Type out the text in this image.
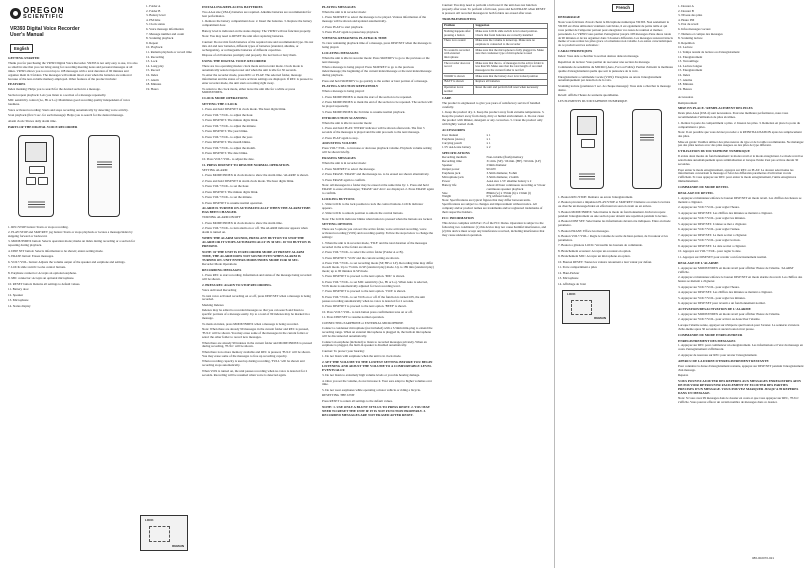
OREGON
SCIENTIFIC
VR393 Digital Voice Recorder
User's Manual
English
GETTING STARTED

Thank you for purchasing the VR393 Digital Voice Recorder. VR393 is not only easy to use, it is also so small in size that you can bring along for recording meeting notes and personal messages at all times. VR393 allows you to record up to 108 messages with a total duration of 90 minutes and organize them in 3 folders. The messages will remain intact even when the batteries are removed because of the non-volatile memory employed. Other features of the product include:

FEATURES

Index marking: Helps you to search for the desired section in a message.

Section repeat playback: Lets you listen to a section of a message repeatedly.

MIC sensitivity control (Lo, Hi or Lo): Maximizes good recording quality independent of voice loudness.

Voice activated recording: Starts and stops recording automatically by detecting voice activity.

Scan playback (first 5 sec. for each message): Helps you to search for the desired message.

Alarm clock: Shows daily alarm time.

PARTS OF THE DIGITAL VOICE RECORDER

1. REC/STOP button: Starts or stops recording.

2. PLAY/STOP and SKIP/REV jog button: Starts or stops playback or locates a message/index by skipping forward or backward.

3. MODE/INDEX button: Selects operation mode; marks an index during recording or a section for repeating during playback.

4. DISP SET button: Selects information to be shown; enters setting mode.

5. ERASE button: Erases messages.

6. VOL+/VOL- button: Adjusts the volume output of the speaker and earphone and settings.

7. LOCK slide switch: Locks control buttons.

8. Earphone connector: Accepts an optional earphone.

9. MIC connector: Accepts an optional microphone.

10. RESET button: Returns all settings to default values.

11. Battery door

12. Speaker

13. Microphone

14. Status display

1. Folder A
2. Folder B
3. Battery level
4. PM time
5. Clock status
6. Voice message information
7. Message number and count
8. Scanning playback
9. Repeat
10. Playback
11. Remain playback or record time
12. Recording
13. Lock
14. Long play
15. Record
16. Index
17. Alarm
18. Minutes
19. Hours
LOCK
REMAIN
INSTALLING/REPLACING BATTERIES

Two AAA size (UM-4) batteries are required. Alkaline batteries are recommended for best performance.

1. Remove the battery compartment door. 2. Insert the batteries. 3. Replace the battery compartment door.

Battery level is indicated on the status display. The VR393 will not function properly.

Note: You may need to RESET the unit after replacing batteries.

Caution: Do not mix fresh batteries of the required size and recommended type. Do not mix old and new batteries, different types of batteries (standard, alkaline, or rechargeable), or rechargeable batteries of different capacities.

Dispose of old batteries promptly and properly. Do not burn or bury them.

USING THE DIGITAL VOICE RECORDER

There are two operating modes: clock mode and recorder mode. Clock mode is automatically selected upon reset and when the unit is idle for 30 seconds.

To enter the recorder mode, press REC or PLAY. The selected folder, message information and the status of voice activate settings are displayed. If REC is pressed to enter recorder mode, the unit starts recording right away.

To return to the clock mode, either leave the unit idle for a while or press MODE/INDEX.

CLOCK MODE OPERATIONS
SETTING THE CLOCK

1. Press and hold DISP/SET in clock mode. The hour digits blink.

2. Press VOL+/VOL- to adjust the hour.

3. Press DISP/SET. The minute digits blink.

4. Press VOL+/VOL- to adjust the minute.

5. Press DISP/SET. The year blinks.

6. Press VOL+/VOL- to adjust the year.

7. Press DISP/SET. The month blinks.

8. Press VOL+/VOL- to adjust the month.

9. Press DISP/SET. The date blinks.

10. Press VOL+/VOL- to adjust the date.

11. PRESS DISP/SET TO RESUME NORMAL OPERATION.

SETTING ALARM

1. Press MODE/INDEX in clock mode to show the alarm time. 'ALARM' is shown.

2. Press and hold DISP/SET in alarm clock mode. The hour digits blink.

3. Press VOL+/VOL- to set the hour.

4. Press DISP/SET. The minute digits blink.

5. Press VOL+/VOL- to set the minute.

6. Press DISP/SET to resume normal operation.

ALARM IS TURNED ON AUTOMATICALLY WHEN THE ALARM TIME HAS BEEN CHANGED.

TURNING ALARM ON/OFF

1. Press MODE/INDEX in clock mode to show the alarm time.

2. Press VOL+/VOL- to turn alarm on or off. The ALARM indicator appears when alarm is turned on.

WHEN THE ALARM SOUNDS, PRESS ANY BUTTON TO STOP THE ALARM OR IT STOPS AUTOMATICALLY IN 30 SEC. IF NO BUTTON IS PRESSED.
NOTE: IF THE UNIT IS IN RECORDER MODE AT PRESET ALARM TIME, THE ALARM DOES NOT SOUND EVEN WHEN ALARM IS TURNED ON. UNIT ENTERS MODE/INDEX MODE FOR 30 SEC.

Recorder Mode Operations

RECORDING MESSAGES

1. Press REC to start recording. Information and status of the message being recorded will be shown.

2. PRESS REC AGAIN TO STOP RECORDING.

Voice Activated Recording

To turn voice activated recording on or off, press DISP/SET when a message is being recorded.

Marking Indexes

Indexes may be added to recorded messages so that you can search and listen to specific portions of a message easily. Up to a total of 99 indexes may be marked in a message.

To mark an index, press MODE/INDEX when a message is being recorded.

Note: When there are already 99 messages in the current folder and REC is pressed, 'FULL' will be shown. You may erase some of the messages in the current folder or select the other folder to record new messages.

When there are already 99 indexes in the current folder and MODE/INDEX is pressed during recording, 'FULL' will be shown.

When there is no more memory available and REC is pressed, 'FULL' will be shown. You may erase some of the messages to free up recording capacity.

When recording capacity is used up during recording, 'FULL' will be shown and recording stops automatically.

When VOX is turned on, the unit pauses recording when no voice is detected for 2 seconds. Recording will be resumed when voice is detected again.

PLAYING MESSAGES

When the unit is in recorder mode:

1. Press SKIP/REV to select the message to be played. Various information of the message will be shown and updated automatically.

2. Press PLAY to start playback.

3. Press PLAY again to pause/stop playback.

VIEWING REMAINING PLAYBACK TIME

To view remaining playback time of a message, press DISP/SET when the message is being played.

LOCATING MESSAGES

When the unit is idle in recorder mode: Press SKIP/REV to go to the previous or the next message.

When a message is being played: Press SKIP/REV to go to the previous index/message; the beginning of the current index/message or the next index/message during playback.

Press and hold SKIP/REV to go quickly to the earlier or later portion of a message.

PLAYING A SECTION REPEATEDLY

When a message is being played:

1. Press MODE/INDEX to mark the start of the section to be repeated.

2. Press MODE/INDEX to mark the end of the section to be repeated. The section will be played repeatedly.

3. Press MODE/INDEX the 3rd time to resume normal playback.

INTRODUCTION SCANNING

When the unit is idle in recorder mode:

1. Press and hold PLAY. 'INTRO' indicator will be shown afterwards. The first 5 seconds of the messages is played and the unit proceeds to the next message.

2. Press PLAY again to stop.

ADJUSTING VOLUME

Press VOL+/VOL- to increase or decrease playback volume. Playback volume setting will be shown briefly.

ERASING MESSAGES

When the unit is in recorder mode:

1. Press SKIP/REV to select the message.

2. Press ERASE. 'ERASE' and the message no. to be erased are shown alternatively.

3. Press ERASE again to confirm.

Note: All messages in a folder may be erased at the same time by: 1. Press and hold ERASE to erase all messages; 'ERASE' and 'ALL' are displayed. 2. Press ERASE again to confirm.

LOCKING BUTTONS

1. Slide LOCK to the lock position to lock the control buttons. LOCK indicator appears.

2. Slide LOCK to unlock position to unlock the control buttons.

Note: The LOCK indicator blinks when button is pressed when the buttons are locked.

SETTING OPTIONS

There are 5 options you can set: the active folder, voice activated recording, voice activated recording (VOX) and recording quality. Follow the steps below to change the settings:

1. When the unit is in recorder mode, 'FILE' and the total duration of the messages recorded in the active folder are shown.

2. Press VOL+/VOL- to select the active folder (Folder A or B).

3. Press DISP/SET. 'VOX' and the current setting are shown.

4. Press VOL+/VOL- to set recording mode (SP, HP or LP). Recording time may differ in each mode. Up to 75 min. in SP (standard play) mode. Up to 189 min (standard play) mode; up to 90 minutes in SP mode.

5. Press DISP/SET to proceed to the next option. 'MIC' is shown.

6. Press VOL+/VOL- to set MIC sensitivity (Lo, Hi or Lo). When Auto is selected, VOX mode is automatically adjusted for best recording level.

7. Press DISP/SET to proceed to the next option. 'VOX' is shown.

8. Press VOL+/VOL- to set VOX on or off. If the function is turned ON, the unit pauses recording automatically when no voice is detected for 2 seconds.

9. Press DISP/SET to proceed to the next option. 'BEEP' is shown.

10. Press VOL+/VOL- to turn button press confirmation tone on or off.

11. Press DISP/SET to resume normal operation.

CONNECTING EARPHONE or EXTERNAL MICROPHONE

Connect a condenser microphone (not included) with a 3.5mm mini-plug to extend the recording range. When an external microphone is plugged in, the built-in microphone will be disconnected automatically.

Connect an earphone (included) to listen to recorded messages privately. When an earphone is plugged, the built-in speaker is disabled automatically.

Caution: To protect your hearing:

1. Do not listen with earphone when the unit is in clock mode.

2. SET THE VOLUME TO THE LOWEST SETTING BEFORE YOU BEGIN LISTENING AND ADJUST THE VOLUME TO A COMFORTABLE LEVEL EVENTUALLY.

3. Do not listen to extremely high volume levels or you risk hearing damage.

4. Once you set the volume, do not increase it. Your ears adapt to higher volumes over time.

5. Do not wear earphones while operating a motor vehicle or riding a bicycle.

RESETTING THE UNIT

Press RESET to return all settings to the default values.

NOTE: 1. USE ONLY A BLUNT STYLUS TO PRESS RESET. 2. YOU MAY NEED TO RESET THE UNIT IF IT IS NOT FUNCTION PROPERLY. 3. RECORDED MESSAGES ARE NOT ERASED AFTER RESET.

Caution: You may need to perform a full reset if the unit does not function properly after reset. To perform a full reset, press and hold ERASE when RESET is pressed. All recorded messages in both folders are erased after reset.

TROUBLESHOOTING
Problem	Suggestion
Nothing happens after pressing a button	Make sure LOCK slide switch is in locked position. Check that fresh batteries are correctly installed
There is no sound	Make sure the volume is turned up. Make sure no earphone is connected to the recorder
No sound is recorded with external microphone	Make sure that the microphone is fully plugged in. Make sure that condenser type of microphone is used
The recorder does not record	Make sure that the no. of messages in the active folder is less than 99. Make sure that the total length of recorded messages in the current folder is not full
'DOOR' is shown	Make sure that the battery door is in locked position
'BATT' is shown	Replace all batteries
Operation is not normal	Reset the unit and perform full reset when necessary
CARE

The product is engineered to give you years of satisfactory service if handled carefully.

1. Keep the product dry. 2. Keep the product away from extreme temperature. 3. Keep the product away from dusty, dirty or humid environment. 4. Do not clean the product with thinner, detergent or any corrosives. 5. Clean the product only with lightly wetted cloth.

ACCESSORIES
User manual	x 1
Earphone (stereo)	x 1
Carrying pouch	x 1
1.5V AAA size battery	x 2
SPECIFICATIONS
Recording medium	Non-volatile (flash) memory
Recording time	31 min. (SP) / 66 min. (HP) / 90 min. (LP)
Speaker	23mm diameter
Output power	90 mW
Earphone jack	3.5mm diameter, 8 ohm
Microphone jack	3.5mm diameter, 2 kohm
Power	AAA size 1.5V alkaline battery x 2
Battery life	About 40 hour continuous recording or 5 hour continuous speaker playback
Size	88mm (w) x 37mm (h) x 15mm (l)
Weight	67g without battery

Note: Specifications are typical figures that may differ between units. Specifications are subject to changes and improvement without notice. All company and/or product names are trademarks and/or registered trademarks of their respective holders.

FCC INFORMATION

This device complies with Part 15 of the FCC Rules. Operation is subject to the following two conditions: (1) this device may not cause harmful interference, and (2) this device must accept any interference received, including interference that may cause undesired operation.

French
DEMARRAGE

Nous vous felicitons d'avoir choisi le Dictaphone numerique VR393. Non seulement le VR393 est d'une utilisation vraiment conviviale, il est egalement de petite taille et qui vous permet de l'emporter partout pour enregistrer vos notes de reunion et memos personnels. Le VR393 vous permet d'enregistrer jusqu'a 108 messages d'une duree totale de 90 minutes et de les organiser dans 3 dossiers differents. Les messages resteront intacts meme si vous retirez les piles grace a la memoire non volatile. Les autres caracteristiques de ce produit sont les suivantes :

CARACTERISTIQUES

Index: Vous aide a chercher la section desiree dans un message.

Repetition de lecture: Vous permet de reecouter une section du message.

Commande de sensibilite du MICRO (Auto, Fort ou Faible): Permet d'obtenir la meilleure qualite d'enregistrement quelle que soit la puissance de la voix.

Enregistrement a commande vocale (VOX): Enregistre ou arrete l'enregistrement automatiquement par detection de la voix.

Scanning lecture (premieres 5 sec. de chaque message): Vous aide a chercher le message desire.

Reveil: Affiche l'heure de sonnerie quotidienne.

LES ELEMENTS DU DICTAPHONE NUMERIQUE

1. Bouton REC/STOP: Demarre ou arrete l'enregistrement.

2. Bouton pivotant a impulsion PLAY/STOP et SKIP/REV: Demarre ou arrete la lecture ou cherche un message/index en effectuant un saut en avant ou en arriere.

3. Bouton MODE/INDEX: Selectionne le mode de fonctionnement. Inclut un repere pendant l'enregistrement ou une section pour obtenir une repetition pendant la lecture.

4. Bouton DISP SET: Selectionne les informations devant etre indiquees. Entre en mode parametre.

5. Bouton ERASE: Efface les messages.

6. Bouton VOL+/VOL-: Regle le volume de sortie du haut-parleur, de l'ecouteur et les parametres.

7. Bouton a glissiere LOCK: Verrouille les boutons de commande.

8. Branchement ecouteur: Accepte un ecouteur en option.

9. Branchement MIC: Accepte un microphone en option.

10. Bouton RESET: Toutes les valeurs retournent a leur valeur par defaut.

11. Porte compartiment a piles

12. Haut-Parleur

13. Microphone

14. Affichage de l'etat

LOCK
REMAIN
1. Dossier A
2. Dossier B
3. Niveau des piles
4. Heure PM
5. Etat du reveil
6. Infos messages vocaux
7. Numero et compte des messages
8. Scanning lecture
9. Repetition
10. Lecture
11. Temps restant de lecture ou d'enregistrement
12. Enregistrement
13. Verrouillage
14. Lecture longue
15. Enregistrement
16. Index
17. Alarme
18. Minutes
19. Heures

Accessoires

Remplacement

MISE EN PLACE / REMPLACEMENT DES PILES

Deux piles AAA (UM-4) sont necessaires. Pour une meilleure performance, nous vous recommandons l'utilisation de piles alcalines.

1. Retirez la porte du compartiment a piles. 2. Inserez les piles. 3. Remettez en place la porte du compartiment a piles.

Note: Il est possible que vous deviez proceder a la REINITIALISATION apres les remplacement des piles.

Mise en garde: Veuillez utiliser des piles neuves du type et de la taille recommandes. Ne melangez pas des piles neuves avec des piles usagees ou des piles de type different.

UTILISATION DU DICTAPHONE NUMERIQUE

Il existe deux modes de fonctionnement: le mode reveil et le mode enregistreur. Le mode reveil se selectionne automatiquement apres reinitialisation et lorsque l'unite n'est pas activee durant 30 secondes.

Pour entrer le mode enregistrement, appuyez sur REC ou PLAY. Le dossier selectionne les informations concernant le message et l'etat des differents parametres d'activation vocale s'affichent. Si vous appuyez sur REC pour entrer le mode enregistrement, l'unite enregistrera immediatement.

COMMANDE DU MODE REVEIL
REGLAGE DU REVEIL

1. Appuyez et maintenez enfonce le bouton DISP/SET en mode reveil. Les chiffres des heures se mettent a clignoter.

2. Appuyez sur VOL+/VOL- pour regler l'heure.

3. Appuyez sur DISP/SET. Les chiffres des minutes se mettent a clignoter.

4. Appuyez sur VOL+/VOL- pour regler les minutes.

5. Appuyez sur DISP/SET. L'annee se met a clignoter.

6. Appuyez sur VOL+/VOL- pour regler l'annee.

7. Appuyez sur DISP/SET. Le mois se met a clignoter.

8. Appuyez sur VOL+/VOL- pour regler le mois.

9. Appuyez sur DISP/SET. La date se met a clignoter.

10. Appuyez sur VOL+/VOL- pour regler la date.

11. Appuyez sur DISP/SET pour revenir a un fonctionnement normal.

REGLAGE DE L'ALARME

1. Appuyez sur MODE/INDEX en mode reveil pour afficher l'heure de l'alarme. 'ALARM' s'affiche.

2. Appuyez et maintenez enfonce le bouton DISP/SET en mode alarme du reveil. Les chiffres des heures se mettent a clignoter.

3. Appuyez sur VOL+/VOL- pour regler l'heure.

4. Appuyez sur DISP/SET. Les chiffres des minutes se mettent a clignoter.

5. Appuyez sur VOL+/VOL- pour regler les minutes.

6. Appuyez sur DISP/SET pour revenir a un fonctionnement normal.

ACTIVATION/DESACTIVATION DE L'ALARME

1. Appuyez sur MODE/INDEX en mode reveil pour afficher l'heure de l'alarme.

2. Appuyez sur VOL+/VOL- pour activer ou desactiver l'alarme.

Lorsque l'alarme sonne, appuyez sur n'importe quel bouton pour l'arreter. La sonnerie s'arretera d'elle-meme apres 30 secondes si aucun bouton n'est presse.

COMMANDE DU MODE ENREGISTREUR
ENREGISTREMENT DES MESSAGES

1. Appuyez sur REC pour commencer un enregistrement. Les informations et l'etat du message en cours d'enregistrement s'afficheront.

2. Appuyez de nouveau sur REC pour arreter l'enregistrement.

APERCU DE LA DUREE D'ENREGISTREMENT RESTANTE

Pour connaitre la duree d'enregistrement restante, appuyez sur DISP/SET pendant l'enregistrement d'un message.

Reperes

VOUS POUVEZ AJOUTER DES REPERES AUX MESSAGES ENREGISTRES AFIN DE POUVOIR RETROUVER FACILEMENT ET ECOUTER DES PARTIES PRECISES D'UN MESSAGE. VOUS POUVEZ MARQUER JUSQU'A 99 REPERES DANS UN MESSAGE.

Note: Si vous avez 99 messages dans le dossier en cours et que vous appuyez sur REC, 'FULL' s'affiche. Vous pouvez effacer un certain nombre de messages dans ce dossier.

086-002070-021
